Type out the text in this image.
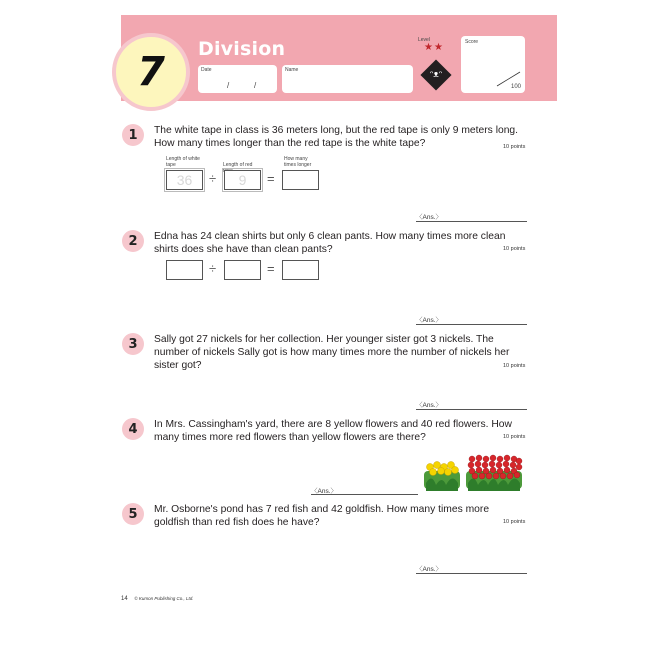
7 Division
Date
/	/
Name
Level
★★
ᵔᴥᵔ
Score
100
1	The white tape in class is 36 meters long, but the red tape is only 9 meters long. How many times longer than the red tape is the white tape?	10 points
Length of white tape	Length of red
How many times longer
36	÷	9	=
〈Ans.〉
2	Edna has 24 clean shirts but only 6 clean pants. How many times more clean shirts does she have than clean pants?	10 points
÷	=
〈Ans.〉
3	Sally got 27 nickels for her collection. Her younger sister got 3 nickels. The number of nickels Sally got is how many times more the number of nickels her sister got?	10 points
〈Ans.〉
4	In Mrs. Cassingham's yard, there are 8 yellow flowers and 40 red flowers. How many times more red flowers than yellow flowers are there?	10 points
〈Ans.〉
5	Mr. Osborne's pond has 7 red fish and 42 goldfish. How many times more goldfish than red fish does he have?	10 points
〈Ans.〉
14 © Kumon Publishing Co., Ltd.
